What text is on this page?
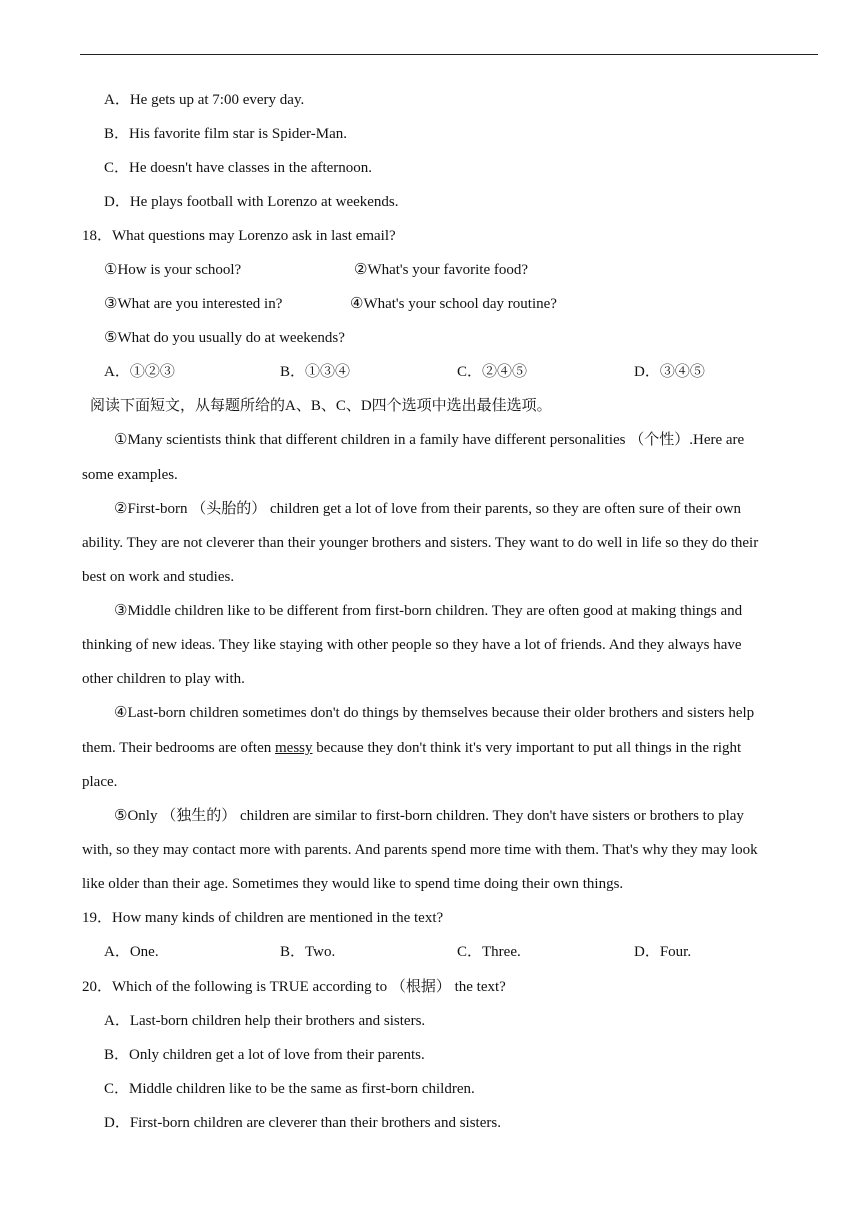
A．He gets up at 7:00 every day.
B．His favorite film star is Spider-Man.
C．He doesn't have classes in the afternoon.
D．He plays football with Lorenzo at weekends.
18．What questions may Lorenzo ask in last email?
①How is your school?	②What's your favorite food?
③What are you interested in?	④What's your school day routine?
⑤What do you usually do at weekends?
A．①②③	B．①③④	C．②④⑤	D．③④⑤
阅读下面短文，从每题所给的A、B、C、D四个选项中选出最佳选项。
①Many scientists think that different children in a family have different personalities （个性）.Here are
some examples.
②First-born （头胎的） children get a lot of love from their parents, so they are often sure of their own
ability. They are not cleverer than their younger brothers and sisters. They want to do well in life so they do their
best on work and studies.
③Middle children like to be different from first-born children. They are often good at making things and
thinking of new ideas. They like staying with other people so they have a lot of friends. And they always have
other children to play with.
④Last-born children sometimes don't do things by themselves because their older brothers and sisters help
them. Their bedrooms are often messy because they don't think it's very important to put all things in the right
place.
⑤Only （独生的） children are similar to first-born children. They don't have sisters or brothers to play
with, so they may contact more with parents. And parents spend more time with them. That's why they may look
like older than their age. Sometimes they would like to spend time doing their own things.
19．How many kinds of children are mentioned in the text?
A．One.	B．Two.	C．Three.	D．Four.
20．Which of the following is TRUE according to （根据） the text?
A．Last-born children help their brothers and sisters.
B．Only children get a lot of love from their parents.
C．Middle children like to be the same as first-born children.
D．First-born children are cleverer than their brothers and sisters.
